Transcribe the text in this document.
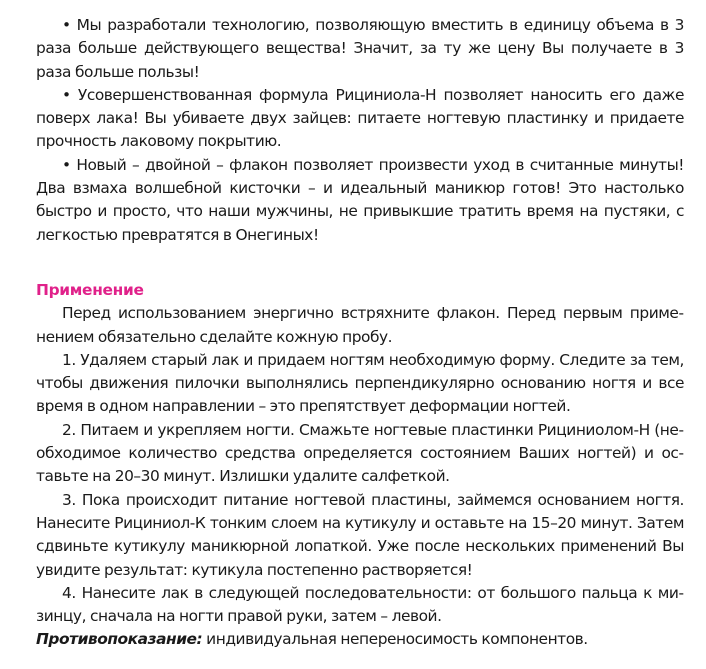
• Мы разработали технологию, позволяющую вместить в единицу объема в 3 раза больше действующего вещества! Значит, за ту же цену Вы получаете в 3 раза больше пользы!

• Усовершенствованная формула Рициниола-Н позволяет наносить его даже поверх лака! Вы убиваете двух зайцев: питаете ногтевую пластинку и придаете прочность лаковому покрытию.

• Новый – двойной – флакон позволяет произвести уход в считанные минуты! Два взмаха волшебной кисточки – и идеальный маникюр готов! Это настолько быстро и просто, что наши мужчины, не привыкшие тратить время на пустяки, с легкостью превратятся в Онегиных!

Применение

Перед использованием энергично встряхните флакон. Перед первым применением обязательно сделайте кожную пробу.

1. Удаляем старый лак и придаем ногтям необходимую форму. Следите за тем, чтобы движения пилочки выполнялись перпендикулярно основанию ногтя и все время в одном направлении – это препятствует деформации ногтей.

2. Питаем и укрепляем ногти. Смажьте ногтевые пластинки Рициниолом-Н (необходимое количество средства определяется состоянием Ваших ногтей) и оставьте на 20–30 минут. Излишки удалите салфеткой.

3. Пока происходит питание ногтевой пластины, займемся основанием ногтя. Нанесите Рициниол-К тонким слоем на кутикулу и оставьте на 15–20 минут. Затем сдвиньте кутикулу маникюрной лопаткой. Уже после нескольких применений Вы увидите результат: кутикула постепенно растворяется!

4. Нанесите лак в следующей последовательности: от большого пальца к мизинцу, сначала на ногти правой руки, затем – левой.

Противопоказание: индивидуальная непереносимость компонентов.
